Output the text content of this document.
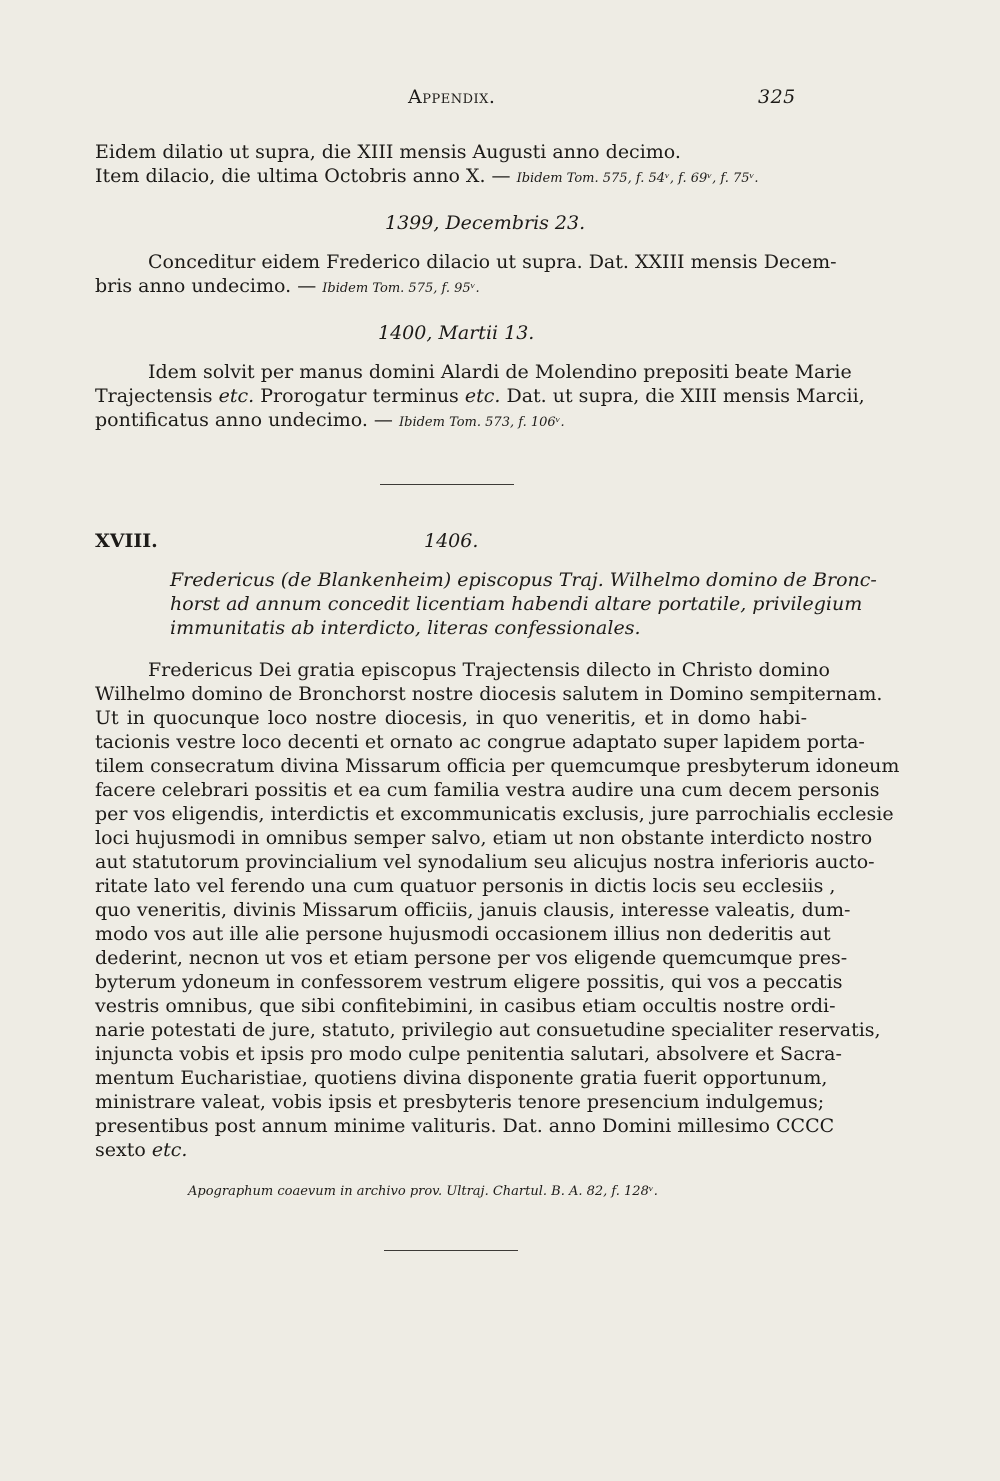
Appendix.	325
Eidem dilatio ut supra, die XIII mensis Augusti anno decimo.
Item dilacio, die ultima Octobris anno X. — Ibidem Tom. 575, f. 54ᵛ, f. 69ᵛ, f. 75ᵛ.
1399, Decembris 23.
Conceditur eidem Frederico dilacio ut supra. Dat. XXIII mensis Decem-
bris anno undecimo. — Ibidem Tom. 575, f. 95ᵛ.
1400, Martii 13.
Idem solvit per manus domini Alardi de Molendino prepositi beate Marie
Trajectensis etc. Prorogatur terminus etc. Dat. ut supra, die XIII mensis Marcii,
pontificatus anno undecimo. — Ibidem Tom. 573, f. 106ᵛ.
XVIII.	1406.
Fredericus (de Blankenheim) episcopus Traj. Wilhelmo domino de Bronc-
horst ad annum concedit licentiam habendi altare portatile, privilegium
immunitatis ab interdicto, literas confessionales.
Fredericus Dei gratia episcopus Trajectensis dilecto in Christo domino
Wilhelmo domino de Bronchorst nostre diocesis salutem in Domino sempiternam.
Ut in quocunque loco nostre diocesis, in quo veneritis, et in domo habi-
tacionis vestre loco decenti et ornato ac congrue adaptato super lapidem porta-
tilem consecratum divina Missarum officia per quemcumque presbyterum idoneum
facere celebrari possitis et ea cum familia vestra audire una cum decem personis
per vos eligendis, interdictis et excommunicatis exclusis, jure parrochialis ecclesie
loci hujusmodi in omnibus semper salvo, etiam ut non obstante interdicto nostro
aut statutorum provincialium vel synodalium seu alicujus nostra inferioris aucto-
ritate lato vel ferendo una cum quatuor personis in dictis locis seu ecclesiis ,
quo veneritis, divinis Missarum officiis, januis clausis, interesse valeatis, dum-
modo vos aut ille alie persone hujusmodi occasionem illius non dederitis aut
dederint, necnon ut vos et etiam persone per vos eligende quemcumque pres-
byterum ydoneum in confessorem vestrum eligere possitis, qui vos a peccatis
vestris omnibus, que sibi confitebimini, in casibus etiam occultis nostre ordi-
narie potestati de jure, statuto, privilegio aut consuetudine specialiter reservatis,
injuncta vobis et ipsis pro modo culpe penitentia salutari, absolvere et Sacra-
mentum Eucharistiae, quotiens divina disponente gratia fuerit opportunum,
ministrare valeat, vobis ipsis et presbyteris tenore presencium indulgemus;
presentibus post annum minime valituris. Dat. anno Domini millesimo CCCC
sexto etc.
Apographum coaevum in archivo prov. Ultraj. Chartul. B. A. 82, f. 128ᵛ.
